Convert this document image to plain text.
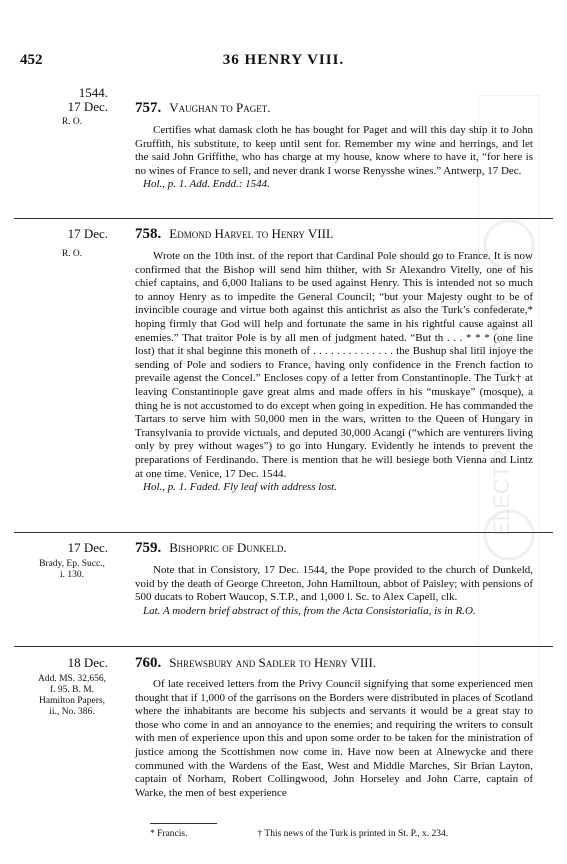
452	36 HENRY VIII.
1544.
17 Dec.
R. O.
757. Vaughan to Paget.

Certifies what damask cloth he has bought for Paget and will this day ship it to John Gruffith, his substitute, to keep until sent for. Remember my wine and herrings, and let the said John Griffithe, who has charge at my house, know where to have it, “for here is no wines of France to sell, and never drank I worse Renysshe wines.” Antwerp, 17 Dec.

Hol., p. 1. Add. Endd.: 1544.

17 Dec.
R. O.
758. Edmond Harvel to Henry VIII.

Wrote on the 10th inst. of the report that Cardinal Pole should go to France. It is now confirmed that the Bishop will send him thither, with Sr Alexandro Vitelly, one of his chief captains, and 6,000 Italians to be used against Henry. This is intended not so much to annoy Henry as to impedite the General Council; “but your Majesty ought to be of invincible courage and virtue both against this antichrist as also the Turk’s confederate,* hoping firmly that God will help and fortunate the same in his rightful cause against all enemies.” That traitor Pole is by all men of judgment hated. “But th . . . * * * (one line lost) that it shal beginne this moneth of . . . . . . . . . . . . . . the Bushup shal litil injoye the sending of Pole and sodiers to France, having only confidence in the French faction to prevaile agenst the Concel.” Encloses copy of a letter from Constantinople. The Turk† at leaving Constantinople gave great alms and made offers in his “muskaye” (mosque), a thing he is not accustomed to do except when going in expedition. He has commanded the Tartars to serve him with 50,000 men in the wars, written to the Queen of Hungary in Transylvania to provide victuals, and deputed 30,000 Acangi (“which are venturers living only by prey without wages”) to go into Hungary. Evidently he intends to prevent the preparations of Ferdinando. There is mention that he will besiege both Vienna and Lintz at one time. Venice, 17 Dec. 1544.

Hol., p. 1. Faded. Fly leaf with address lost.

17 Dec.
Brady, Ep. Succ., i. 130.
759. Bishopric of Dunkeld.

Note that in Consistory, 17 Dec. 1544, the Pope provided to the church of Dunkeld, void by the death of George Chreeton, John Hamiltoun, abbot of Paisley; with pensions of 500 ducats to Robert Waucop, S.T.P., and 1,000 l. Sc. to Alex Capell, clk.

Lat. A modern brief abstract of this, from the Acta Consistorialia, is in R.O.

18 Dec.
Add. MS. 32,656, f. 95. B. M. Hamilton Papers, ii., No. 386.
760. Shrewsbury and Sadler to Henry VIII.

Of late received letters from the Privy Council signifying that some experienced men thought that if 1,000 of the garrisons on the Borders were distributed in places of Scotland where the inhabitants are become his subjects and servants it would be a great stay to those who come in and an annoyance to the enemies; and requiring the writers to consult with men of experience upon this and upon some order to be taken for the ministration of justice among the Scottishmen now come in. Have now been at Alnewycke and there communed with the Wardens of the East, West and Middle Marches, Sir Brian Layton, captain of Norham, Robert Collingwood, John Horseley and John Carre, captain of Warke, the men of best experience

* Francis.	† This news of the Turk is printed in St. P., x. 234.
ELECTRONIC LIBRARY
